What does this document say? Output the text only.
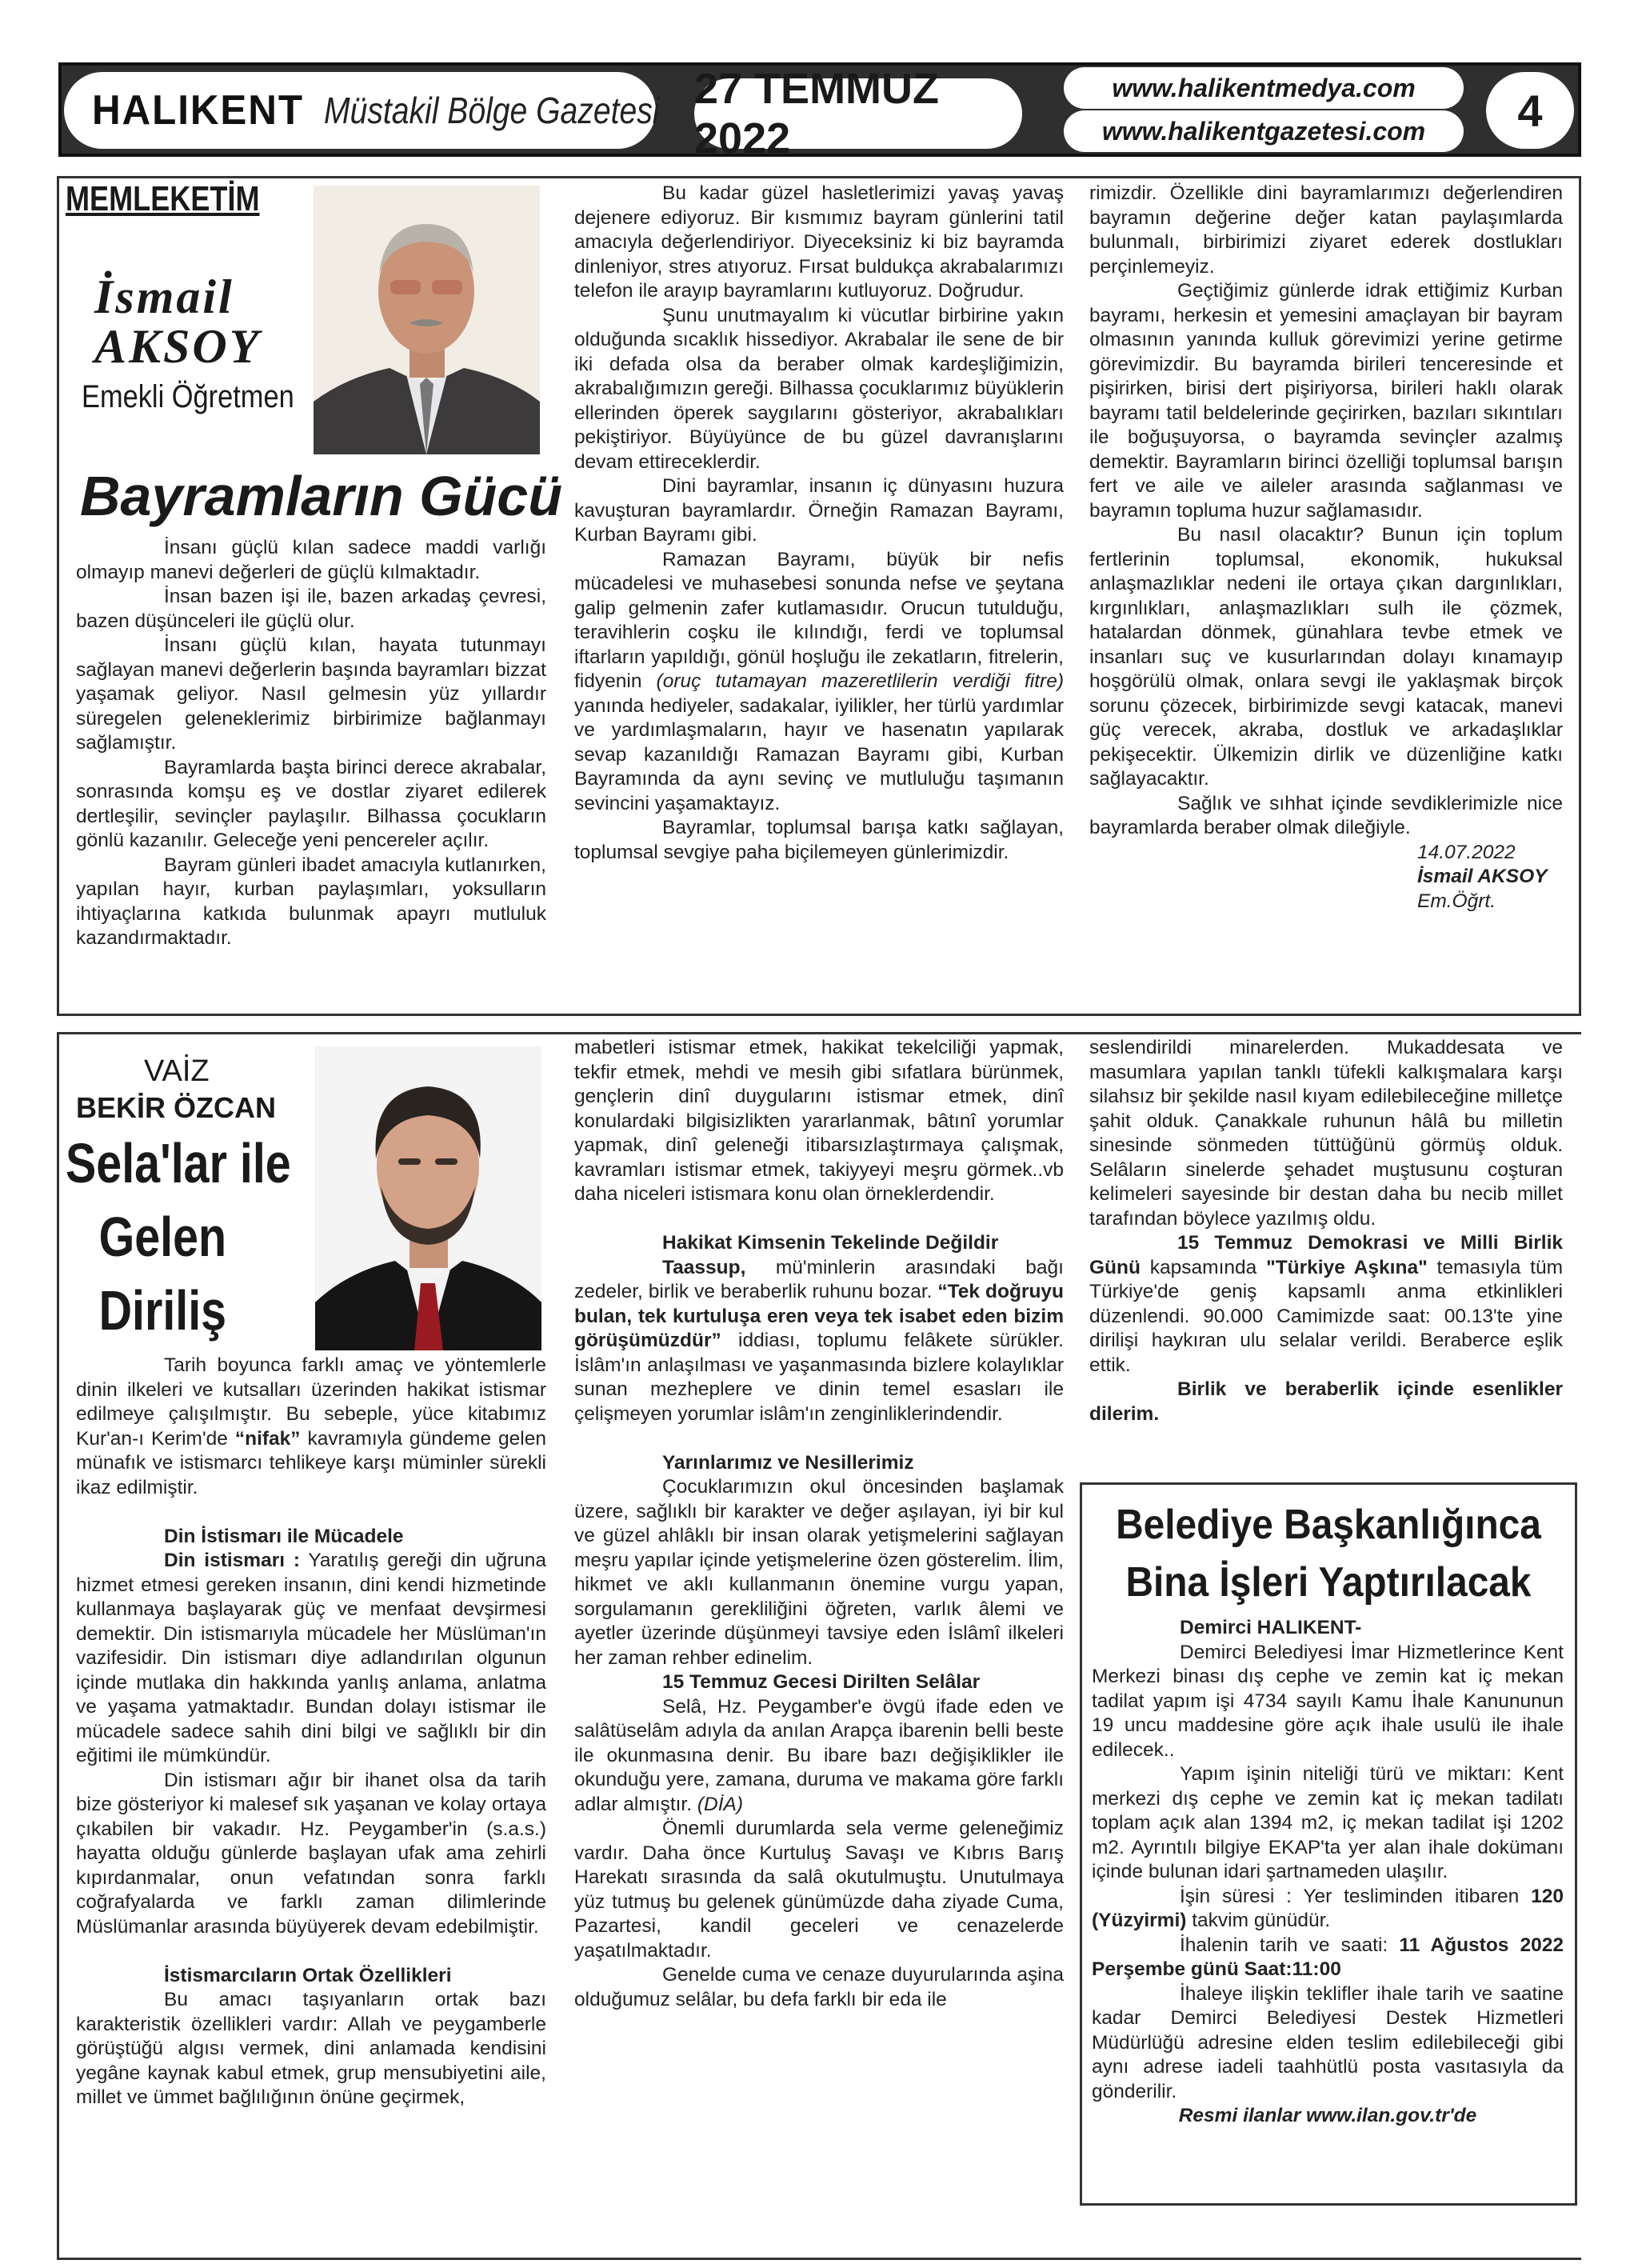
HALIKENT Müstakil Bölge Gazetesi 27 TEMMUZ 2022
www.halikentmedya.com
www.halikentgazetesi.com	4
MEMLEKETİM
İsmail
AKSOY
Emekli Öğretmen
Bayramların Gücü

İnsanı güçlü kılan sadece maddi varlığı olmayıp manevi değerleri de güçlü kılmaktadır.

İnsan bazen işi ile, bazen arkadaş çevresi, bazen düşünceleri ile güçlü olur.

İnsanı güçlü kılan, hayata tutunmayı sağlayan manevi değerlerin başında bayramları bizzat yaşamak geliyor. Nasıl gelmesin yüz yıllardır süregelen geleneklerimiz birbirimize bağlanmayı sağlamıştır.

Bayramlarda başta birinci derece akrabalar, sonrasında komşu eş ve dostlar ziyaret edilerek dertleşilir, sevinçler paylaşılır. Bilhassa çocukların gönlü kazanılır. Geleceğe yeni pencereler açılır.

Bayram günleri ibadet amacıyla kutlanırken, yapılan hayır, kurban paylaşımları, yoksulların ihtiyaçlarına katkıda bulunmak apayrı mutluluk kazandırmaktadır.

Bu kadar güzel hasletlerimizi yavaş yavaş dejenere ediyoruz. Bir kısmımız bayram günlerini tatil amacıyla değerlendiriyor. Diyeceksiniz ki biz bayramda dinleniyor, stres atıyoruz. Fırsat buldukça akrabalarımızı telefon ile arayıp bayramlarını kutluyoruz. Doğrudur.

Şunu unutmayalım ki vücutlar birbirine yakın olduğunda sıcaklık hissediyor. Akrabalar ile sene de bir iki defada olsa da beraber olmak kardeşliğimizin, akrabalığımızın gereği. Bilhassa çocuklarımız büyüklerin ellerinden öperek saygılarını gösteriyor, akrabalıkları pekiştiriyor. Büyüyünce de bu güzel davranışlarını devam ettireceklerdir.

Dini bayramlar, insanın iç dünyasını huzura kavuşturan bayramlardır. Örneğin Ramazan Bayramı, Kurban Bayramı gibi.

Ramazan Bayramı, büyük bir nefis mücadelesi ve muhasebesi sonunda nefse ve şeytana galip gelmenin zafer kutlamasıdır. Orucun tutulduğu, teravihlerin coşku ile kılındığı, ferdi ve toplumsal iftarların yapıldığı, gönül hoşluğu ile zekatların, fitrelerin, fidyenin (oruç tutamayan mazeretlilerin verdiği fitre) yanında hediyeler, sadakalar, iyilikler, her türlü yardımlar ve yardımlaşmaların, hayır ve hasenatın yapılarak sevap kazanıldığı Ramazan Bayramı gibi, Kurban Bayramında da aynı sevinç ve mutluluğu taşımanın sevincini yaşamaktayız.

Bayramlar, toplumsal barışa katkı sağlayan, toplumsal sevgiye paha biçilemeyen günlerimizdir.

rimizdir. Özellikle dini bayramlarımızı değerlendiren bayramın değerine değer katan paylaşımlarda bulunmalı, birbirimizi ziyaret ederek dostlukları perçinlemeyiz.

Geçtiğimiz günlerde idrak ettiğimiz Kurban bayramı, herkesin et yemesini amaçlayan bir bayram olmasının yanında kulluk görevimizi yerine getirme görevimizdir. Bu bayramda birileri tenceresinde et pişirirken, birisi dert pişiriyorsa, birileri haklı olarak bayramı tatil beldelerinde geçirirken, bazıları sıkıntıları ile boğuşuyorsa, o bayramda sevinçler azalmış demektir. Bayramların birinci özelliği toplumsal barışın fert ve aile ve aileler arasında sağlanması ve bayramın topluma huzur sağlamasıdır.

Bu nasıl olacaktır? Bunun için toplum fertlerinin toplumsal, ekonomik, hukuksal anlaşmazlıklar nedeni ile ortaya çıkan dargınlıkları, kırgınlıkları, anlaşmazlıkları sulh ile çözmek, hatalardan dönmek, günahlara tevbe etmek ve insanları suç ve kusurlarından dolayı kınamayıp hoşgörülü olmak, onlara sevgi ile yaklaşmak birçok sorunu çözecek, birbirimizde sevgi katacak, manevi güç verecek, akraba, dostluk ve arkadaşlıklar pekişecektir. Ülkemizin dirlik ve düzenliğine katkı sağlayacaktır.

Sağlık ve sıhhat içinde sevdiklerimizle nice bayramlarda beraber olmak dileğiyle.

14.07.2022

İsmail AKSOY

Em.Öğrt.

VAİZ
BEKİR ÖZCAN
Sela'lar ile
Gelen
Diriliş

Tarih boyunca farklı amaç ve yöntemlerle dinin ilkeleri ve kutsalları üzerinden hakikat istismar edilmeye çalışılmıştır. Bu sebeple, yüce kitabımız Kur'an-ı Kerim'de “nifak” kavramıyla gündeme gelen münafık ve istismarcı tehlikeye karşı müminler sürekli ikaz edilmiştir.

Din İstismarı ile Mücadele

Din istismarı : Yaratılış gereği din uğruna hizmet etmesi gereken insanın, dini kendi hizmetinde kullanmaya başlayarak güç ve menfaat devşirmesi demektir. Din istismarıyla mücadele her Müslüman'ın vazifesidir. Din istismarı diye adlandırılan olgunun içinde mutlaka din hakkında yanlış anlama, anlatma ve yaşama yatmaktadır. Bundan dolayı istismar ile mücadele sadece sahih dini bilgi ve sağlıklı bir din eğitimi ile mümkündür.

Din istismarı ağır bir ihanet olsa da tarih bize gösteriyor ki malesef sık yaşanan ve kolay ortaya çıkabilen bir vakadır. Hz. Peygamber'in (s.a.s.) hayatta olduğu günlerde başlayan ufak ama zehirli kıpırdanmalar, onun vefatından sonra farklı coğrafyalarda ve farklı zaman dilimlerinde Müslümanlar arasında büyüyerek devam edebilmiştir.

İstismarcıların Ortak Özellikleri

Bu amacı taşıyanların ortak bazı karakteristik özellikleri vardır: Allah ve peygamberle görüştüğü algısı vermek, dini anlamada kendisini yegâne kaynak kabul etmek, grup mensubiyetini aile, millet ve ümmet bağlılığının önüne geçirmek,

mabetleri istismar etmek, hakikat tekelciliği yapmak, tekfir etmek, mehdi ve mesih gibi sıfatlara bürünmek, gençlerin dinî duygularını istismar etmek, dinî konulardaki bilgisizlikten yararlanmak, bâtınî yorumlar yapmak, dinî geleneği itibarsızlaştırmaya çalışmak, kavramları istismar etmek, takiyyeyi meşru görmek..vb daha niceleri istismara konu olan örneklerdendir.

Hakikat Kimsenin Tekelinde Değildir

Taassup, mü'minlerin arasındaki bağı zedeler, birlik ve beraberlik ruhunu bozar. “Tek doğruyu bulan, tek kurtuluşa eren veya tek isabet eden bizim görüşümüzdür” iddiası, toplumu felâkete sürükler. İslâm'ın anlaşılması ve yaşanmasında bizlere kolaylıklar sunan mezheplere ve dinin temel esasları ile çelişmeyen yorumlar islâm'ın zenginliklerindendir.

Yarınlarımız ve Nesillerimiz

Çocuklarımızın okul öncesinden başlamak üzere, sağlıklı bir karakter ve değer aşılayan, iyi bir kul ve güzel ahlâklı bir insan olarak yetişmelerini sağlayan meşru yapılar içinde yetişmelerine özen gösterelim. İlim, hikmet ve aklı kullanmanın önemine vurgu yapan, sorgulamanın gerekliliğini öğreten, varlık âlemi ve ayetler üzerinde düşünmeyi tavsiye eden İslâmî ilkeleri her zaman rehber edinelim.

15 Temmuz Gecesi Dirilten Selâlar

Selâ, Hz. Peygamber'e övgü ifade eden ve salâtüselâm adıyla da anılan Arapça ibarenin belli beste ile okunmasına denir. Bu ibare bazı değişiklikler ile okunduğu yere, zamana, duruma ve makama göre farklı adlar almıştır. (DİA)

Önemli durumlarda sela verme geleneğimiz vardır. Daha önce Kurtuluş Savaşı ve Kıbrıs Barış Harekatı sırasında da salâ okutulmuştu. Unutulmaya yüz tutmuş bu gelenek günümüzde daha ziyade Cuma, Pazartesi, kandil geceleri ve cenazelerde yaşatılmaktadır.

Genelde cuma ve cenaze duyurularında aşina olduğumuz selâlar, bu defa farklı bir eda ile

seslendirildi minarelerden. Mukaddesata ve masumlara yapılan tanklı tüfekli kalkışmalara karşı silahsız bir şekilde nasıl kıyam edilebileceğine milletçe şahit olduk. Çanakkale ruhunun hâlâ bu milletin sinesinde sönmeden tüttüğünü görmüş olduk. Selâların sinelerde şehadet muştusunu coşturan kelimeleri sayesinde bir destan daha bu necib millet tarafından böylece yazılmış oldu.

15 Temmuz Demokrasi ve Milli Birlik Günü kapsamında "Türkiye Aşkına" temasıyla tüm Türkiye'de geniş kapsamlı anma etkinlikleri düzenlendi. 90.000 Camimizde saat: 00.13'te yine dirilişi haykıran ulu selalar verildi. Beraberce eşlik ettik.

Birlik ve beraberlik içinde esenlikler dilerim.

Belediye Başkanlığınca
Bina İşleri Yaptırılacak

Demirci HALIKENT-

Demirci Belediyesi İmar Hizmetlerince Kent Merkezi binası dış cephe ve zemin kat iç mekan tadilat yapım işi 4734 sayılı Kamu İhale Kanununun 19 uncu maddesine göre açık ihale usulü ile ihale edilecek..

Yapım işinin niteliği türü ve miktarı: Kent merkezi dış cephe ve zemin kat iç mekan tadilatı toplam açık alan 1394 m2, iç mekan tadilat işi 1202 m2. Ayrıntılı bilgiye EKAP'ta yer alan ihale dokümanı içinde bulunan idari şartnameden ulaşılır.

İşin süresi : Yer tesliminden itibaren 120 (Yüzyirmi) takvim günüdür.

İhalenin tarih ve saati: 11 Ağustos 2022 Perşembe günü Saat:11:00

İhaleye ilişkin teklifler ihale tarih ve saatine kadar Demirci Belediyesi Destek Hizmetleri Müdürlüğü adresine elden teslim edilebileceği gibi aynı adrese iadeli taahhütlü posta vasıtasıyla da gönderilir.

Resmi ilanlar www.ilan.gov.tr'de
